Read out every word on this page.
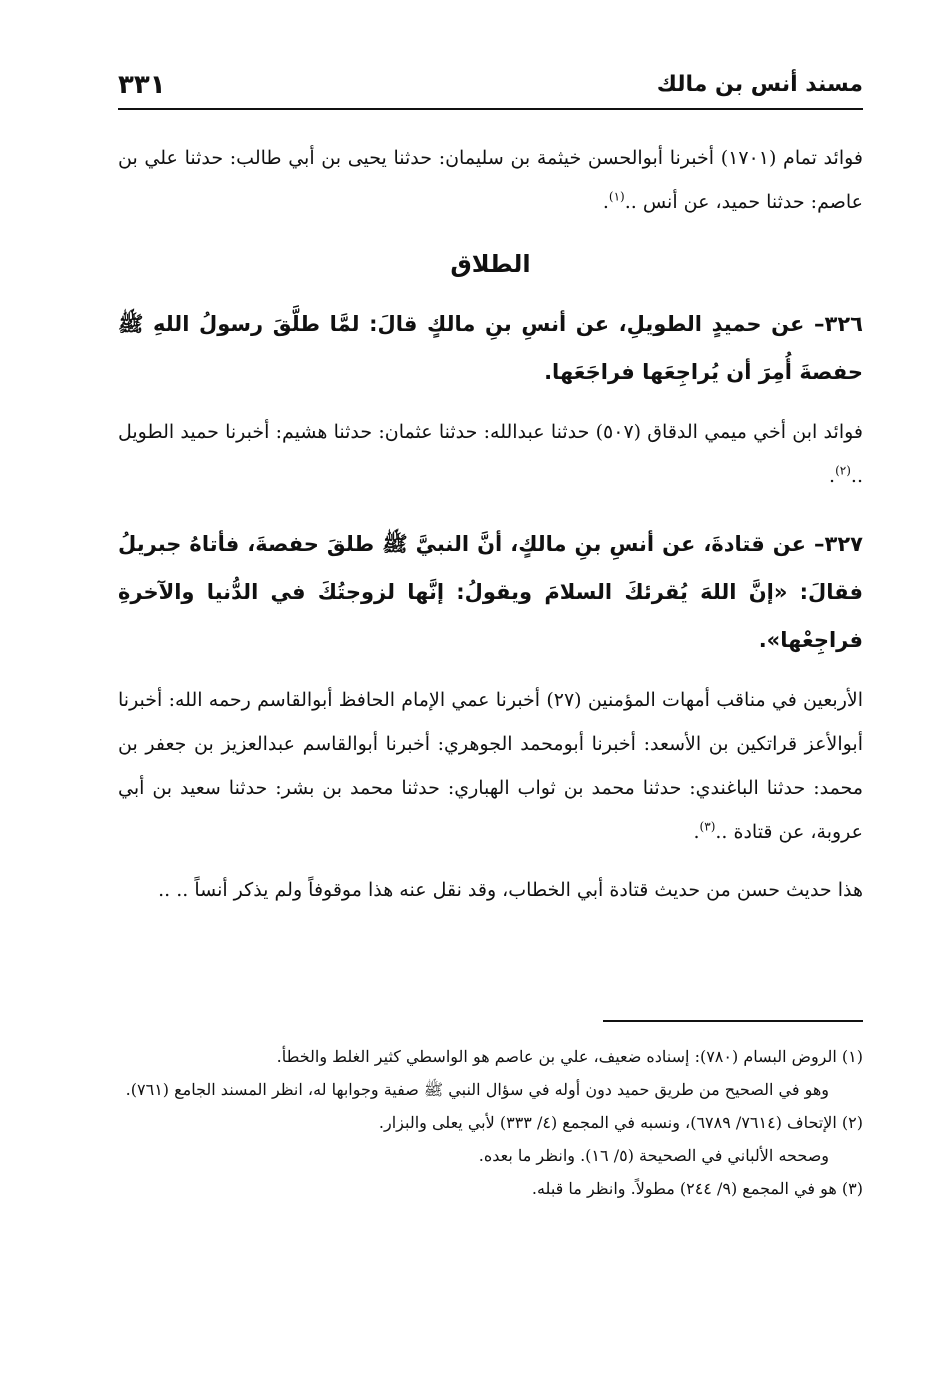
مسند أنس بن مالك
٣٣١

فوائد تمام (١٧٠١) أخبرنا أبوالحسن خيثمة بن سليمان: حدثنا يحيى بن أبي طالب: حدثنا علي بن عاصم: حدثنا حميد، عن أنس ..$^{(١)}$.

الطلاق

٣٢٦– عن حميدٍ الطويلِ، عن أنسِ بنِ مالكٍ قالَ: لمَّا طلَّقَ رسولُ اللهِ ﷺ حفصةَ أُمِرَ أن يُراجِعَها فراجَعَها.

فوائد ابن أخي ميمي الدقاق (٥٠٧) حدثنا عبدالله: حدثنا عثمان: حدثنا هشيم: أخبرنا حميد الطويل ..$^{(٢)}$.

٣٢٧– عن قتادةَ، عن أنسِ بنِ مالكٍ، أنَّ النبيَّ ﷺ طلقَ حفصةَ، فأتاهُ جبريلُ فقالَ: «إنَّ اللهَ يُقرئكَ السلامَ ويقولُ: إنَّها لزوجتُكَ في الدُّنيا والآخرةِ فراجِعْها».

الأربعين في مناقب أمهات المؤمنين (٢٧) أخبرنا عمي الإمام الحافظ أبوالقاسم رحمه الله: أخبرنا أبوالأعز قراتكين بن الأسعد: أخبرنا أبومحمد الجوهري: أخبرنا أبوالقاسم عبدالعزيز بن جعفر بن محمد: حدثنا الباغندي: حدثنا محمد بن ثواب الهباري: حدثنا محمد بن بشر: حدثنا سعيد بن أبي عروبة، عن قتادة ..$^{(٣)}$.

هذا حديث حسن من حديث قتادة أبي الخطاب، وقد نقل عنه هذا موقوفاً ولم يذكر أنساً .. ..

(١) الروض البسام (٧٨٠): إسناده ضعيف، علي بن عاصم هو الواسطي كثير الغلط والخطأ.

وهو في الصحيح من طريق حميد دون أوله في سؤال النبي ﷺ صفية وجوابها له، انظر المسند الجامع (٧٦١).

(٢) الإتحاف (٧٦١٤/ ٦٧٨٩)، ونسبه في المجمع (٤/ ٣٣٣) لأبي يعلى والبزار.

وصححه الألباني في الصحيحة (٥/ ١٦). وانظر ما بعده.

(٣) هو في المجمع (٩/ ٢٤٤) مطولاً. وانظر ما قبله.
